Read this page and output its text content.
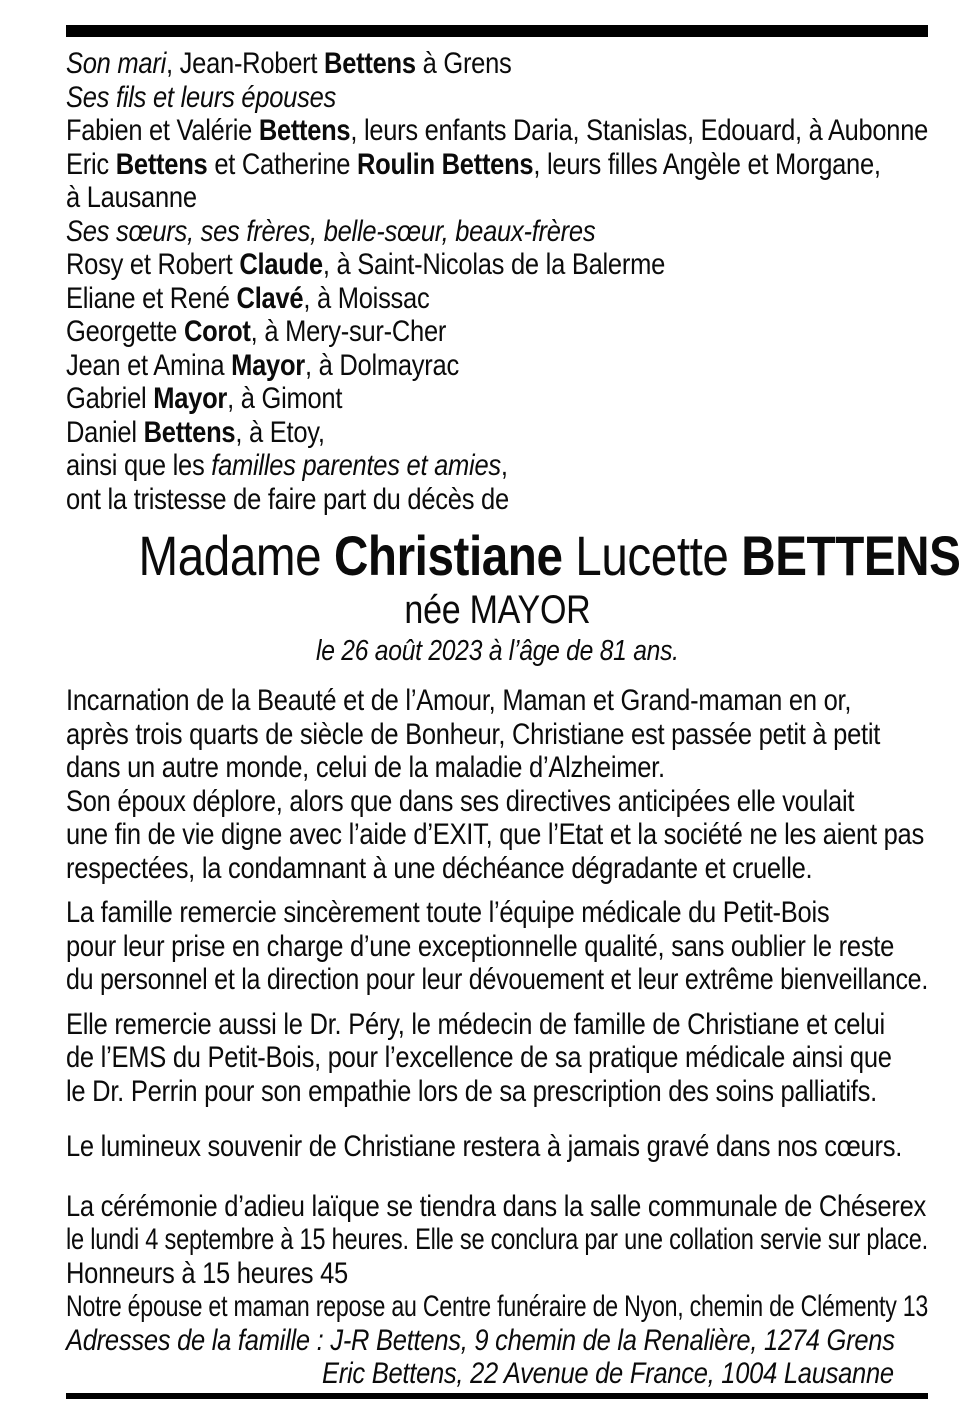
Son mari, Jean-Robert Bettens à Grens
Ses fils et leurs épouses
Fabien et Valérie Bettens, leurs enfants Daria, Stanislas, Edouard, à Aubonne
Eric Bettens et Catherine Roulin Bettens, leurs filles Angèle et Morgane,
à Lausanne
Ses sœurs, ses frères, belle-sœur, beaux-frères
Rosy et Robert Claude, à Saint-Nicolas de la Balerme
Eliane et René Clavé, à Moissac
Georgette Corot, à Mery-sur-Cher
Jean et Amina Mayor, à Dolmayrac
Gabriel Mayor, à Gimont
Daniel Bettens, à Etoy,
ainsi que les familles parentes et amies,
ont la tristesse de faire part du décès de
Madame Christiane Lucette BETTENS
née MAYOR
le 26 août 2023 à l’âge de 81 ans.
Incarnation de la Beauté et de l’Amour, Maman et Grand-maman en or,
après trois quarts de siècle de Bonheur, Christiane est passée petit à petit
dans un autre monde, celui de la maladie d’Alzheimer.
Son époux déplore, alors que dans ses directives anticipées elle voulait
une fin de vie digne avec l’aide d’EXIT, que l’Etat et la société ne les aient pas
respectées, la condamnant à une déchéance dégradante et cruelle.
La famille remercie sincèrement toute l’équipe médicale du Petit-Bois
pour leur prise en charge d’une exceptionnelle qualité, sans oublier le reste
du personnel et la direction pour leur dévouement et leur extrême bienveillance.
Elle remercie aussi le Dr. Péry, le médecin de famille de Christiane et celui
de l’EMS du Petit-Bois, pour l’excellence de sa pratique médicale ainsi que
le Dr. Perrin pour son empathie lors de sa prescription des soins palliatifs.
Le lumineux souvenir de Christiane restera à jamais gravé dans nos cœurs.
La cérémonie d’adieu laïque se tiendra dans la salle communale de Chéserex
le lundi 4 septembre à 15 heures. Elle se conclura par une collation servie sur place.
Honneurs à 15 heures 45
Notre épouse et maman repose au Centre funéraire de Nyon, chemin de Clémenty 13
Adresses de la famille : J-R Bettens, 9 chemin de la Renalière, 1274 Grens
Eric Bettens, 22 Avenue de France, 1004 Lausanne
